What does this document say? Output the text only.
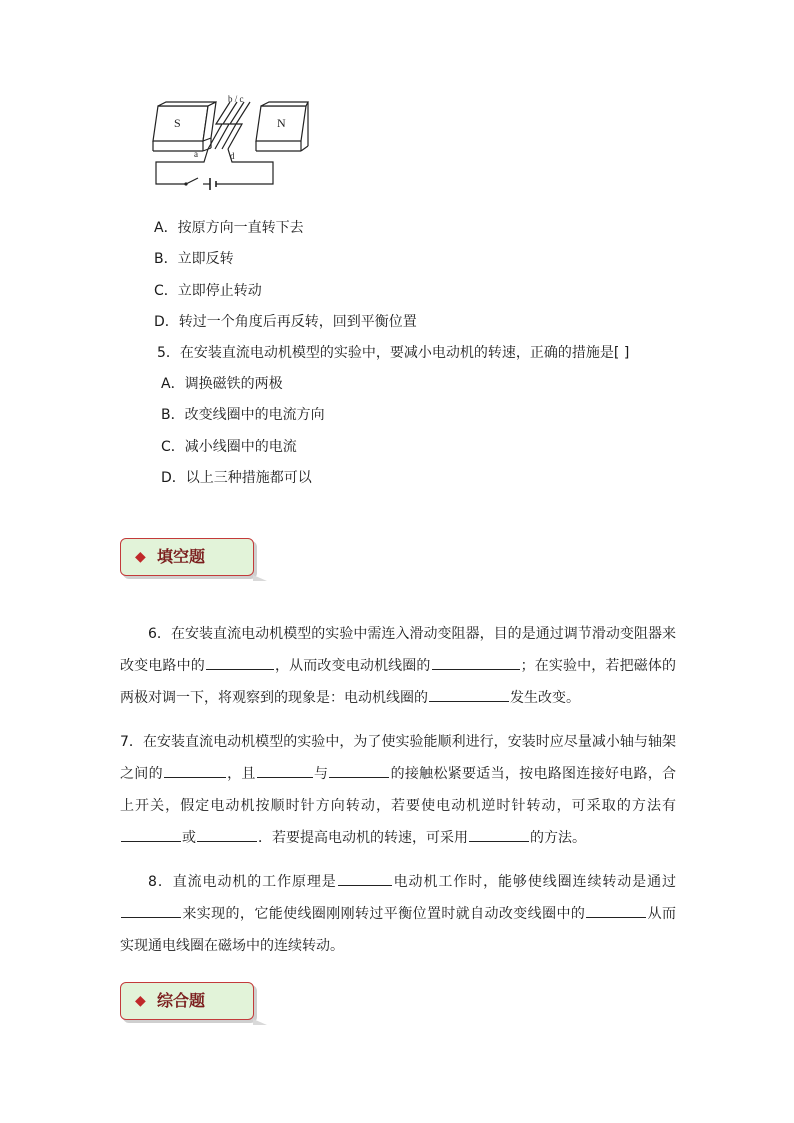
S	N
b / c
a	d
A．按原方向一直转下去
B．立即反转
C．立即停止转动
D．转过一个角度后再反转，回到平衡位置
5．在安装直流电动机模型的实验中，要减小电动机的转速，正确的措施是[ ]
A．调换磁铁的两极
B．改变线圈中的电流方向
C．减小线圈中的电流
D．以上三种措施都可以
◆ 填空题
6．在安装直流电动机模型的实验中需连入滑动变阻器，目的是通过调节滑动变阻器来改变电路中的	，从而改变电动机线圈的	；在实验中，若把磁体的两极对调一下，将观察到的现象是：电动机线圈的	发生改变。
7．在安装直流电动机模型的实验中，为了使实验能顺利进行，安装时应尽量减小轴与轴架之间的	，且	与	的接触松紧要适当，按电路图连接好电路，合上开关，假定电动机按顺时针方向转动，若要使电动机逆时针转动，可采取的方法有或	．若要提高电动机的转速，可采用	的方法。
8．直流电动机的工作原理是	电动机工作时，能够使线圈连续转动是通过来实现的，它能使线圈刚刚转过平衡位置时就自动改变线圈中的	从而实现通电线圈在磁场中的连续转动。
◆ 综合题
